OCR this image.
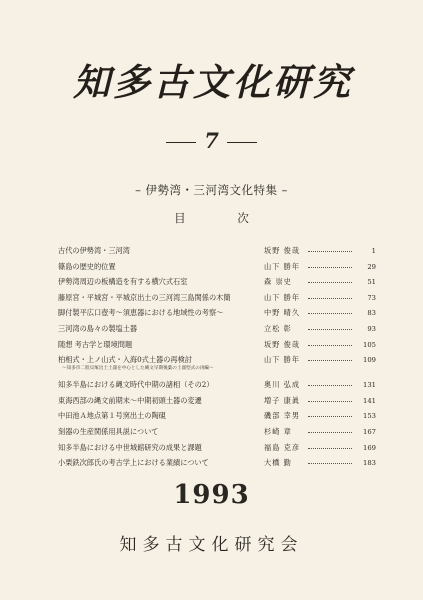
知多古文化研究
7
– 伊勢湾・三河湾文化特集 –
目 次
古代の伊勢湾・三河湾	坂野 俊哉	1
篠島の歴史的位置	山下 勝年	29
伊勢湾周辺の板構造を有する横穴式石室	森 崇史	51
藤原宮・平城宮・平城京出土の三河湾三島関係の木簡	山下 勝年	73
脚付製平広口壺考〜須恵器における地域性の考察〜	中野 晴久	83
三河湾の島々の製塩土器	立松 彰	93
随想 考古学と環境問題	坂野 俊哉	105
柏相式・上ノ山式・入海0式土器の再検討
〜知多市二股貝塚出土土器を中心とした縄文早期後葉の土器型式の再編〜
山下 勝年	109
知多半島における縄文時代中期の諸相（その2）	奥川 弘成	131
東海西部の縄文前期末〜中期初頭土器の変遷	増子 康眞	141
中田池Ａ地点第１号窯出土の陶硯	磯部 幸男	153
刻器の生産関係用具説について	杉崎 章	167
知多半島における中世城館研究の成果と課題	福島 克彦	169
小栗鉄次郎氏の考古学上における業績について	大橋 勤	183
1993
知多古文化研究会
